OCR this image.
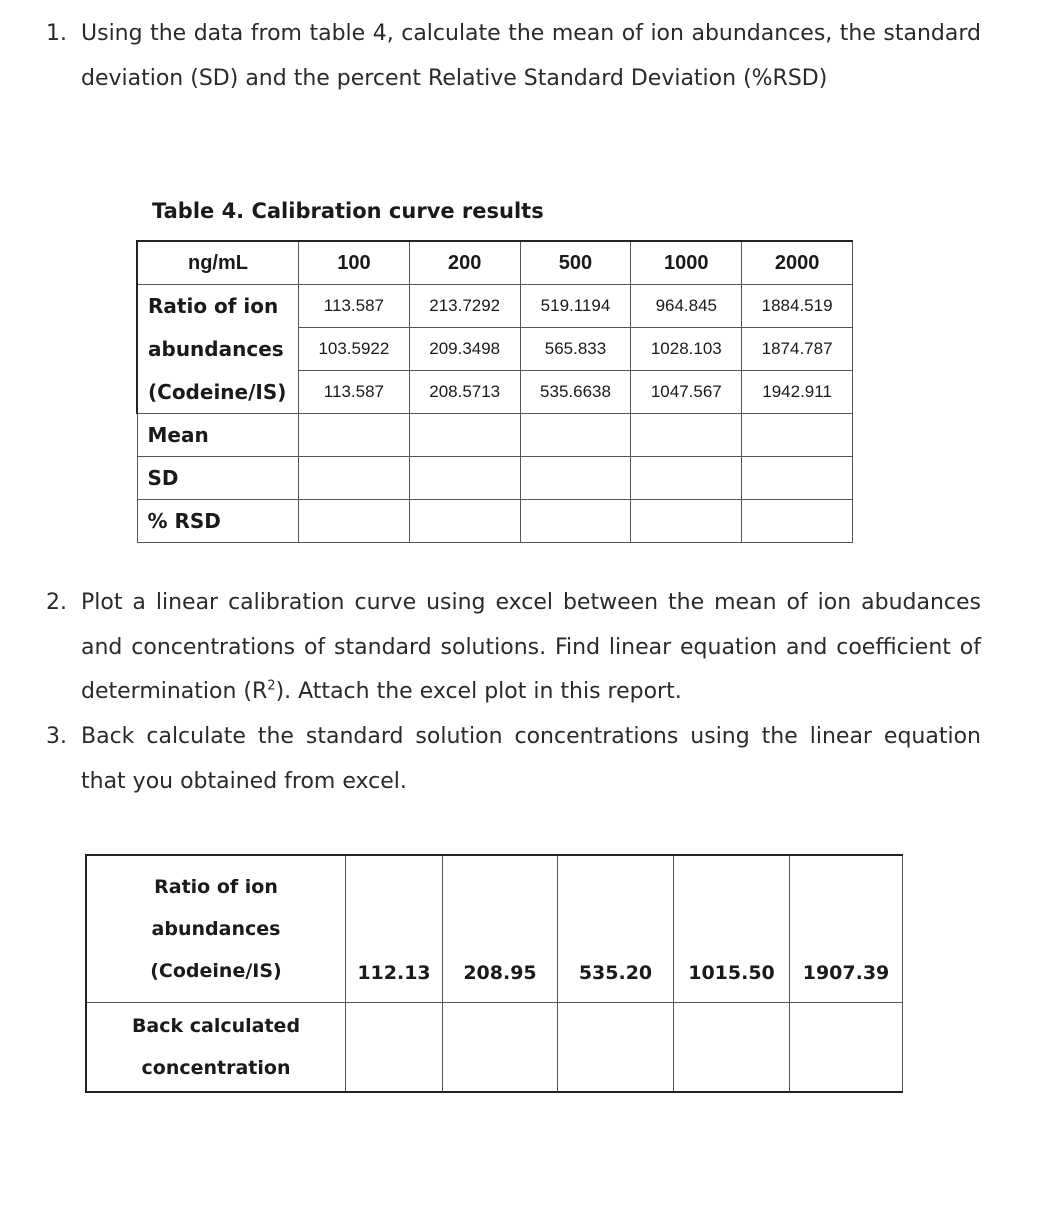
1. Using the data from table 4, calculate the mean of ion abundances, the standard deviation (SD) and the percent Relative Standard Deviation (%RSD)
Table 4. Calibration curve results
ng/mL	100	200	500	1000	2000
Ratio of ion	113.587	213.7292	519.1194	964.845	1884.519
abundances	103.5922	209.3498	565.833	1028.103	1874.787
(Codeine/IS)	113.587	208.5713	535.6638	1047.567	1942.911
Mean					
SD					
% RSD					
2. Plot a linear calibration curve using excel between the mean of ion abudances and concentrations of standard solutions. Find linear equation and coefficient of determination $(R^2)$. Attach the excel plot in this report.
3. Back calculate the standard solution concentrations using the linear equation that you obtained from excel.
Ratio of ion
abundances
(Codeine/IS)	112.13	208.95	535.20	1015.50	1907.39

Back calculated
concentration					
